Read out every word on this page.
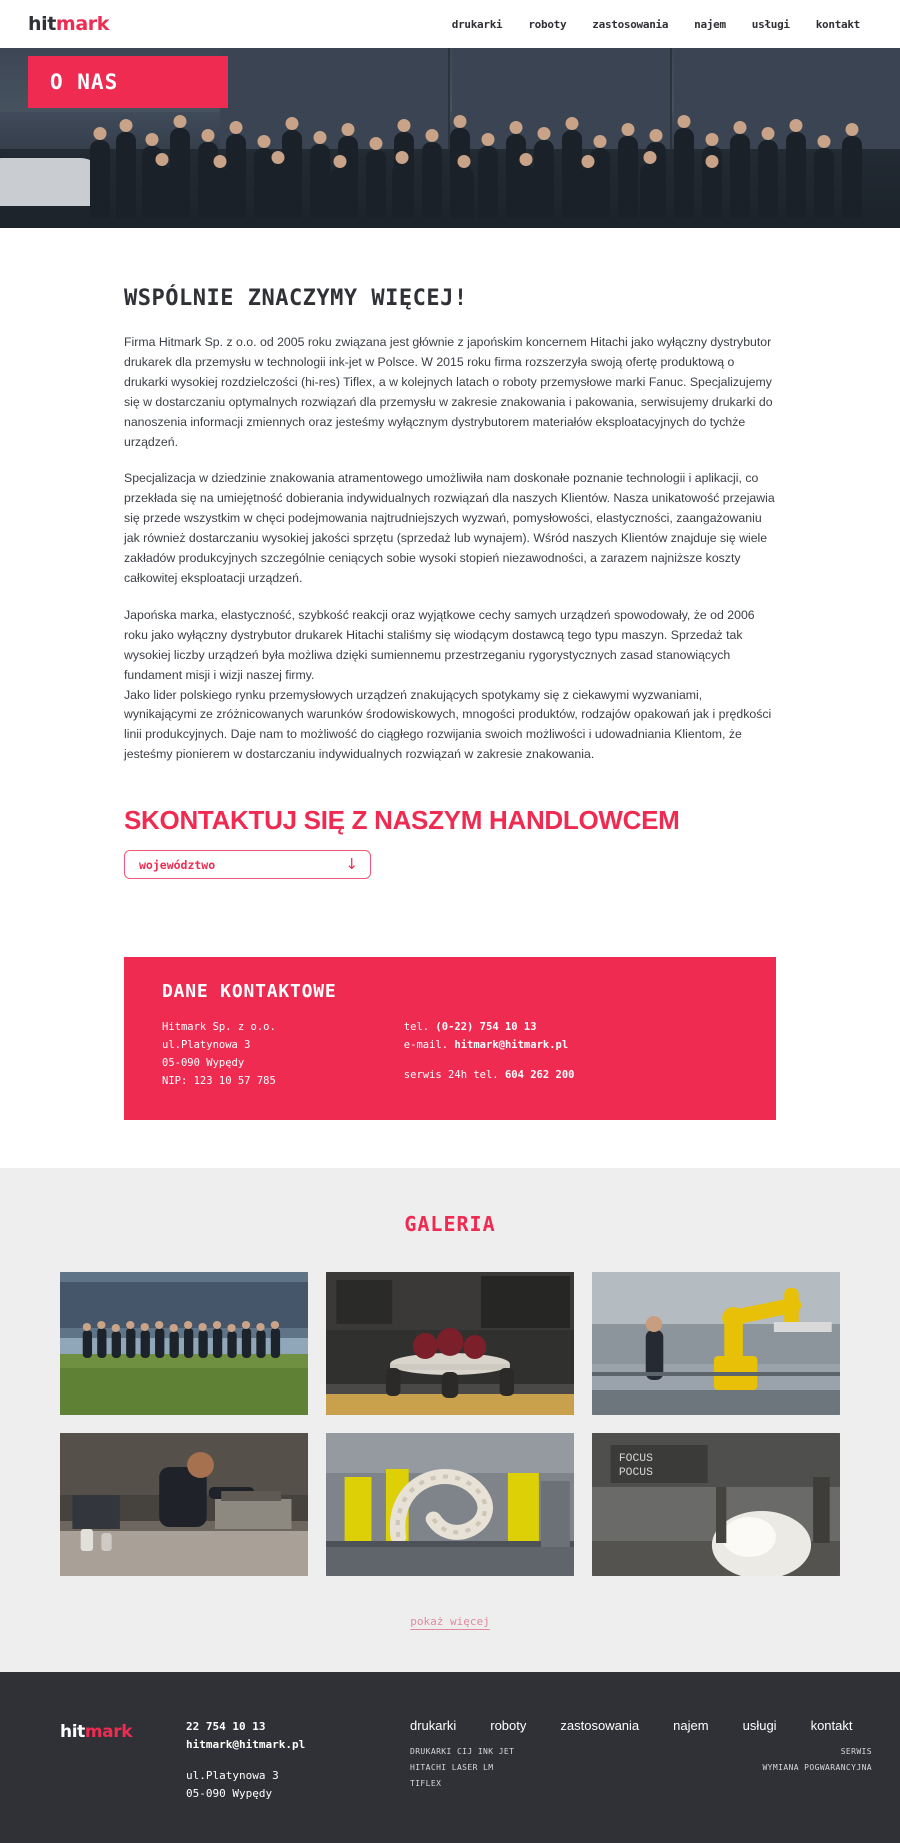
hitmark	drukarki roboty zastosowania najem usługi kontakt
O NAS
WSPÓLNIE ZNACZYMY WIĘCEJ!

Firma Hitmark Sp. z o.o. od 2005 roku związana jest głównie z japońskim koncernem Hitachi jako wyłączny dystrybutor drukarek dla przemysłu w technologii ink-jet w Polsce. W 2015 roku firma rozszerzyła swoją ofertę produktową o drukarki wysokiej rozdzielczości (hi-res) Tiflex, a w kolejnych latach o roboty przemysłowe marki Fanuc. Specjalizujemy się w dostarczaniu optymalnych rozwiązań dla przemysłu w zakresie znakowania i pakowania, serwisujemy drukarki do nanoszenia informacji zmiennych oraz jesteśmy wyłącznym dystrybutorem materiałów eksploatacyjnych do tychże urządzeń.

Specjalizacja w dziedzinie znakowania atramentowego umożliwiła nam doskonałe poznanie technologii i aplikacji, co przekłada się na umiejętność dobierania indywidualnych rozwiązań dla naszych Klientów. Nasza unikatowość przejawia się przede wszystkim w chęci podejmowania najtrudniejszych wyzwań, pomysłowości, elastyczności, zaangażowaniu jak również dostarczaniu wysokiej jakości sprzętu (sprzedaż lub wynajem). Wśród naszych Klientów znajduje się wiele zakładów produkcyjnych szczególnie ceniących sobie wysoki stopień niezawodności, a zarazem najniższe koszty całkowitej eksploatacji urządzeń.

Japońska marka, elastyczność, szybkość reakcji oraz wyjątkowe cechy samych urządzeń spowodowały, że od 2006 roku jako wyłączny dystrybutor drukarek Hitachi staliśmy się wiodącym dostawcą tego typu maszyn. Sprzedaż tak wysokiej liczby urządzeń była możliwa dzięki sumiennemu przestrzeganiu rygorystycznych zasad stanowiących fundament misji i wizji naszej firmy.

Jako lider polskiego rynku przemysłowych urządzeń znakujących spotykamy się z ciekawymi wyzwaniami, wynikającymi ze zróżnicowanych warunków środowiskowych, mnogości produktów, rodzajów opakowań jak i prędkości linii produkcyjnych. Daje nam to możliwość do ciągłego rozwijania swoich możliwości i udowadniania Klientom, że jesteśmy pionierem w dostarczaniu indywidualnych rozwiązań w zakresie znakowania.

SKONTAKTUJ SIĘ Z NASZYM HANDLOWCEM
województwo	↓
DANE KONTAKTOWE
Hitmark Sp. z o.o.
ul.Platynowa 3
05-090 Wypędy
NIP: 123 10 57 785
tel. (0-22) 754 10 13
e-mail. hitmark@hitmark.pl
serwis 24h tel. 604 262 200
GALERIA
FOCUS
POCUS
pokaż więcej
hitmark	22 754 10 13
hitmark@hitmark.pl
ul.Platynowa 3
05-090 Wypędy
drukarki	roboty	zastosowania	najem	usługi	kontakt
DRUKARKI CIJ INK JET
HITACHI LASER LM
TIFLEX
SERWIS
WYMIANA POGWARANCYJNA
